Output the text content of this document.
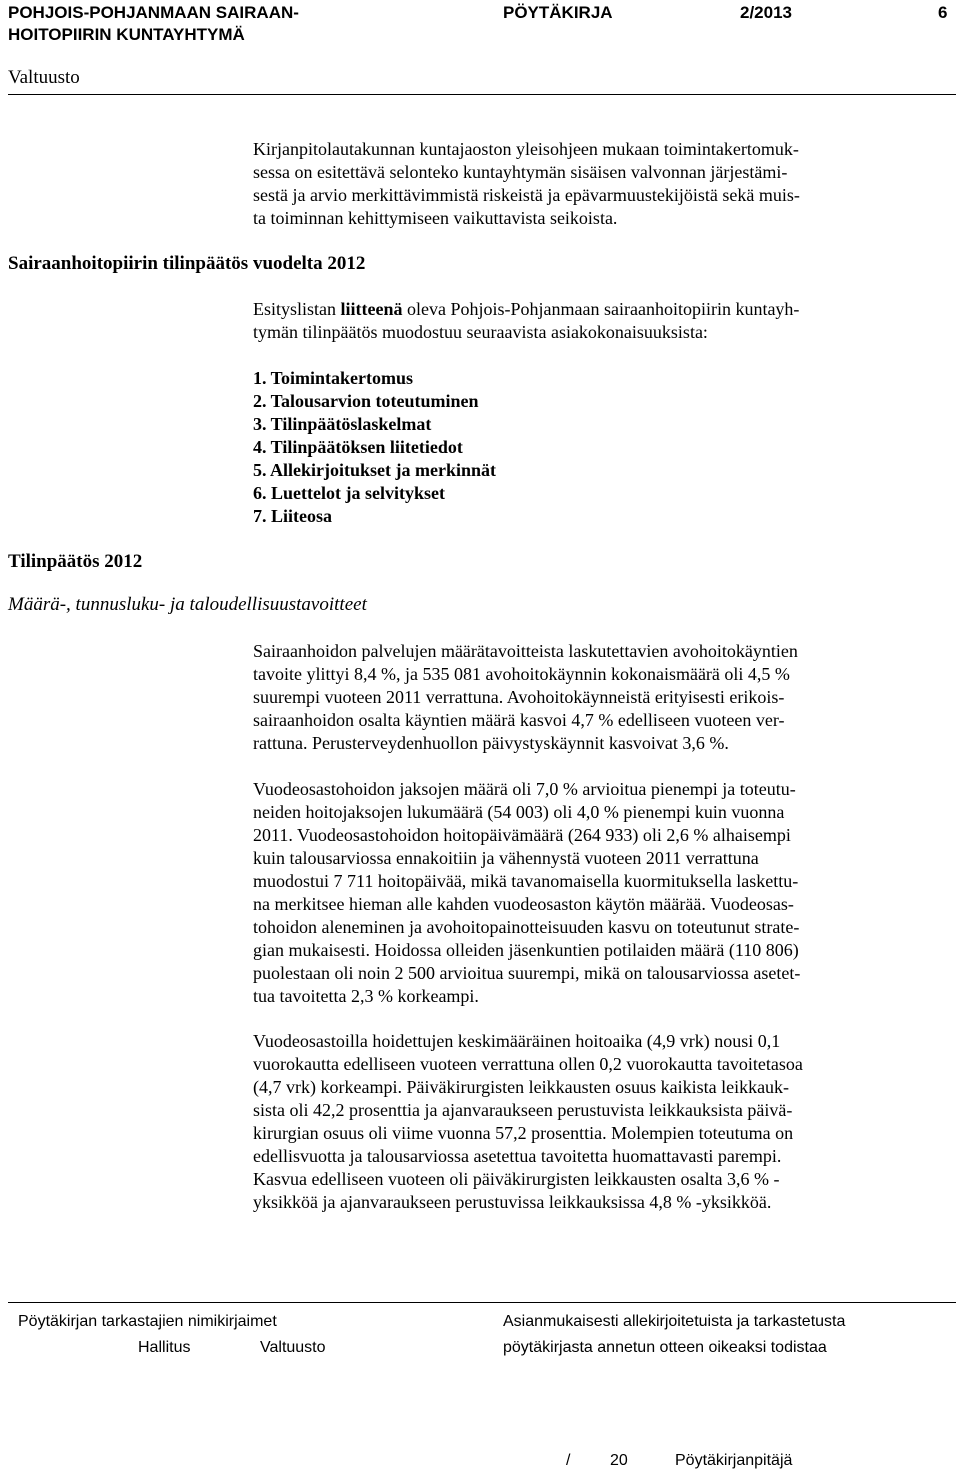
POHJOIS-POHJANMAAN SAIRAAN-
HOITOPIIRIN KUNTAYHTYMÄ
PÖYTÄKIRJA	2/2013	6
Valtuusto
Kirjanpitolautakunnan kuntajaoston yleisohjeen mukaan toimintakertomuk-
sessa on esitettävä selonteko kuntayhtymän sisäisen valvonnan järjestämi-
sestä ja arvio merkittävimmistä riskeistä ja epävarmuustekijöistä sekä muis-
ta toiminnan kehittymiseen vaikuttavista seikoista.
Sairaanhoitopiirin tilinpäätös vuodelta 2012
Esityslistan liitteenä oleva Pohjois-Pohjanmaan sairaanhoitopiirin kuntayh-
tymän tilinpäätös muodostuu seuraavista asiakokonaisuuksista:
1. Toimintakertomus
2. Talousarvion toteutuminen
3. Tilinpäätöslaskelmat
4. Tilinpäätöksen liitetiedot
5. Allekirjoitukset ja merkinnät
6. Luettelot ja selvitykset
7. Liiteosa
Tilinpäätös 2012
Määrä-, tunnusluku- ja taloudellisuustavoitteet
Sairaanhoidon palvelujen määrätavoitteista laskutettavien avohoitokäyntien
tavoite ylittyi 8,4 %, ja 535 081 avohoitokäynnin kokonaismäärä oli 4,5 %
suurempi vuoteen 2011 verrattuna. Avohoitokäynneistä erityisesti erikois-
sairaanhoidon osalta käyntien määrä kasvoi 4,7 % edelliseen vuoteen ver-
rattuna. Perusterveydenhuollon päivystyskäynnit kasvoivat 3,6 %.
Vuodeosastohoidon jaksojen määrä oli 7,0 % arvioitua pienempi ja toteutu-
neiden hoitojaksojen lukumäärä (54 003) oli 4,0 % pienempi kuin vuonna
2011. Vuodeosastohoidon hoitopäivämäärä (264 933) oli 2,6 % alhaisempi
kuin talousarviossa ennakoitiin ja vähennystä vuoteen 2011 verrattuna
muodostui 7 711 hoitopäivää, mikä tavanomaisella kuormituksella laskettu-
na merkitsee hieman alle kahden vuodeosaston käytön määrää. Vuodeosas-
tohoidon aleneminen ja avohoitopainotteisuuden kasvu on toteutunut strate-
gian mukaisesti. Hoidossa olleiden jäsenkuntien potilaiden määrä (110 806)
puolestaan oli noin 2 500 arvioitua suurempi, mikä on talousarviossa asetet-
tua tavoitetta 2,3 % korkeampi.
Vuodeosastoilla hoidettujen keskimääräinen hoitoaika (4,9 vrk) nousi 0,1
vuorokautta edelliseen vuoteen verrattuna ollen 0,2 vuorokautta tavoitetasoa
(4,7 vrk) korkeampi. Päiväkirurgisten leikkausten osuus kaikista leikkauk-
sista oli 42,2 prosenttia ja ajanvaraukseen perustuvista leikkauksista päivä-
kirurgian osuus oli viime vuonna 57,2 prosenttia. Molempien toteutuma on
edellisvuotta ja talousarviossa asetettua tavoitetta huomattavasti parempi.
Kasvua edelliseen vuoteen oli päiväkirurgisten leikkausten osalta 3,6 % -
yksikköä ja ajanvaraukseen perustuvissa leikkauksissa 4,8 % -yksikköä.
Pöytäkirjan tarkastajien nimikirjaimet
Hallitus	Valtuusto
Asianmukaisesti allekirjoitetuista ja tarkastetusta
pöytäkirjasta annetun otteen oikeaksi todistaa
/ 20	Pöytäkirjanpitäjä
